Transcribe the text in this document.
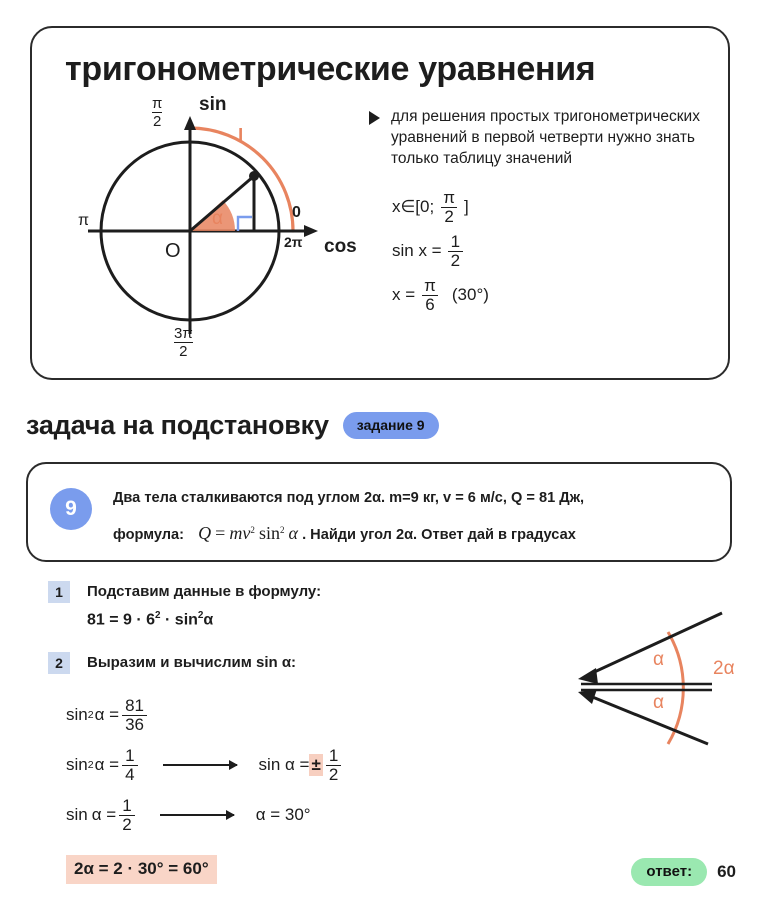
тригонометрические уравнения
π
2
sin
l
π	0
2π cos
O
α
3π
2
для решения простых тригонометрических уравнений в первой четверти нужно знать только таблицу значений
x∈[0; $\frac{\pi}{2}$ ]
$\sin x = \frac{1}{2}$
$x = \frac{\pi}{6} (30^\circ)$
задача на подстановку	задание 9
9	Два тела сталкиваются под углом 2α. m=9 кг, v = 6 м/c, Q = 81 Дж,
формула: $Q = mv^2$ $\sin^2 \alpha$ . Найди угол 2α. Ответ дай в градусах
1	Подставим данные в формулу:
$81 = 9 \cdot 6^2 \cdot \sin^2\alpha$
2	Выразим и вычислим sin α:
sin 2 $\alpha = \frac{81}{36}$
sin 2 $\alpha = \frac{1}{4}$	sin α = ± $\frac{1}{2}$
$\sin \alpha = \frac{1}{2}$	α = 30°
2α = 2 · 30° = 60°
α
α
2α
ответ:	60
